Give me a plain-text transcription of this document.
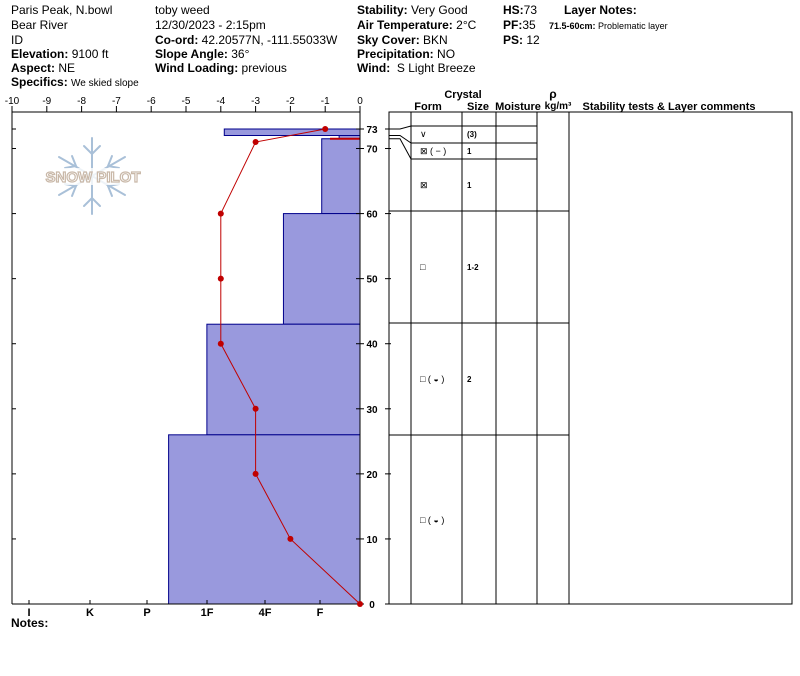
Paris Peak, N.bowl
Bear River
ID
Elevation: 9100 ft
Aspect: NE
Specifics: We skied slope
toby weed
12/30/2023 - 2:15pm
Co-ord: 42.20577N, -111.55033W
Slope Angle: 36°
Wind Loading: previous
Stability: Very Good
Air Temperature: 2°C
Sky Cover: BKN
Precipitation: NO
Wind: S Light Breeze
HS:73
PF:35
PS: 12
Layer Notes:
71.5-60cm: Problematic layer
Notes:
SNOW PILOT
-10 -9	-8	-7	-6	-5	-4	-3	-2	-1	0
0
10
20
30
40
50
60
70
73
I	K	P	1F	4F	F
Crystal
Form Size Moisture
ρ
kg/m³ Stability tests & Layer comments
∨	(3)
⊠ ( − )	1
⊠	1
□	1-2
□ ( ◒ )	2
□ ( ◒ )
